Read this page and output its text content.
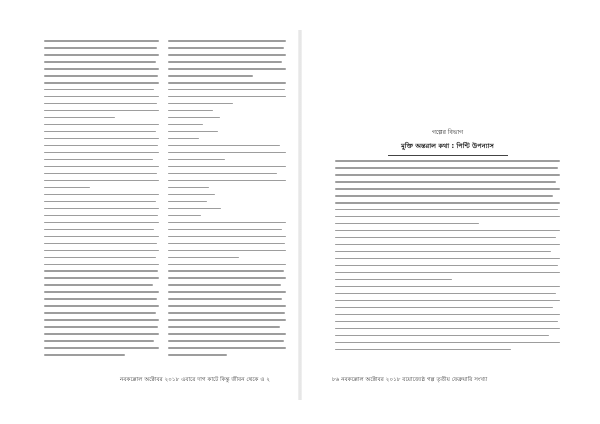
নবকল্লোল অক্টোবর ২০১৮ এবারে দাগ কাটে কিন্তু জীবন থেকে ও ২
গল্পের বিভাগ
মুক্তি অন্তরাল কথা : পিন্টি উপন্যাস
৮৬ নবকল্লোল অক্টোবর ২০১৮ বয়োজ্যেষ্ঠ গল্প তৃতীয় ফেব্রুয়ারি সংখ্যা
